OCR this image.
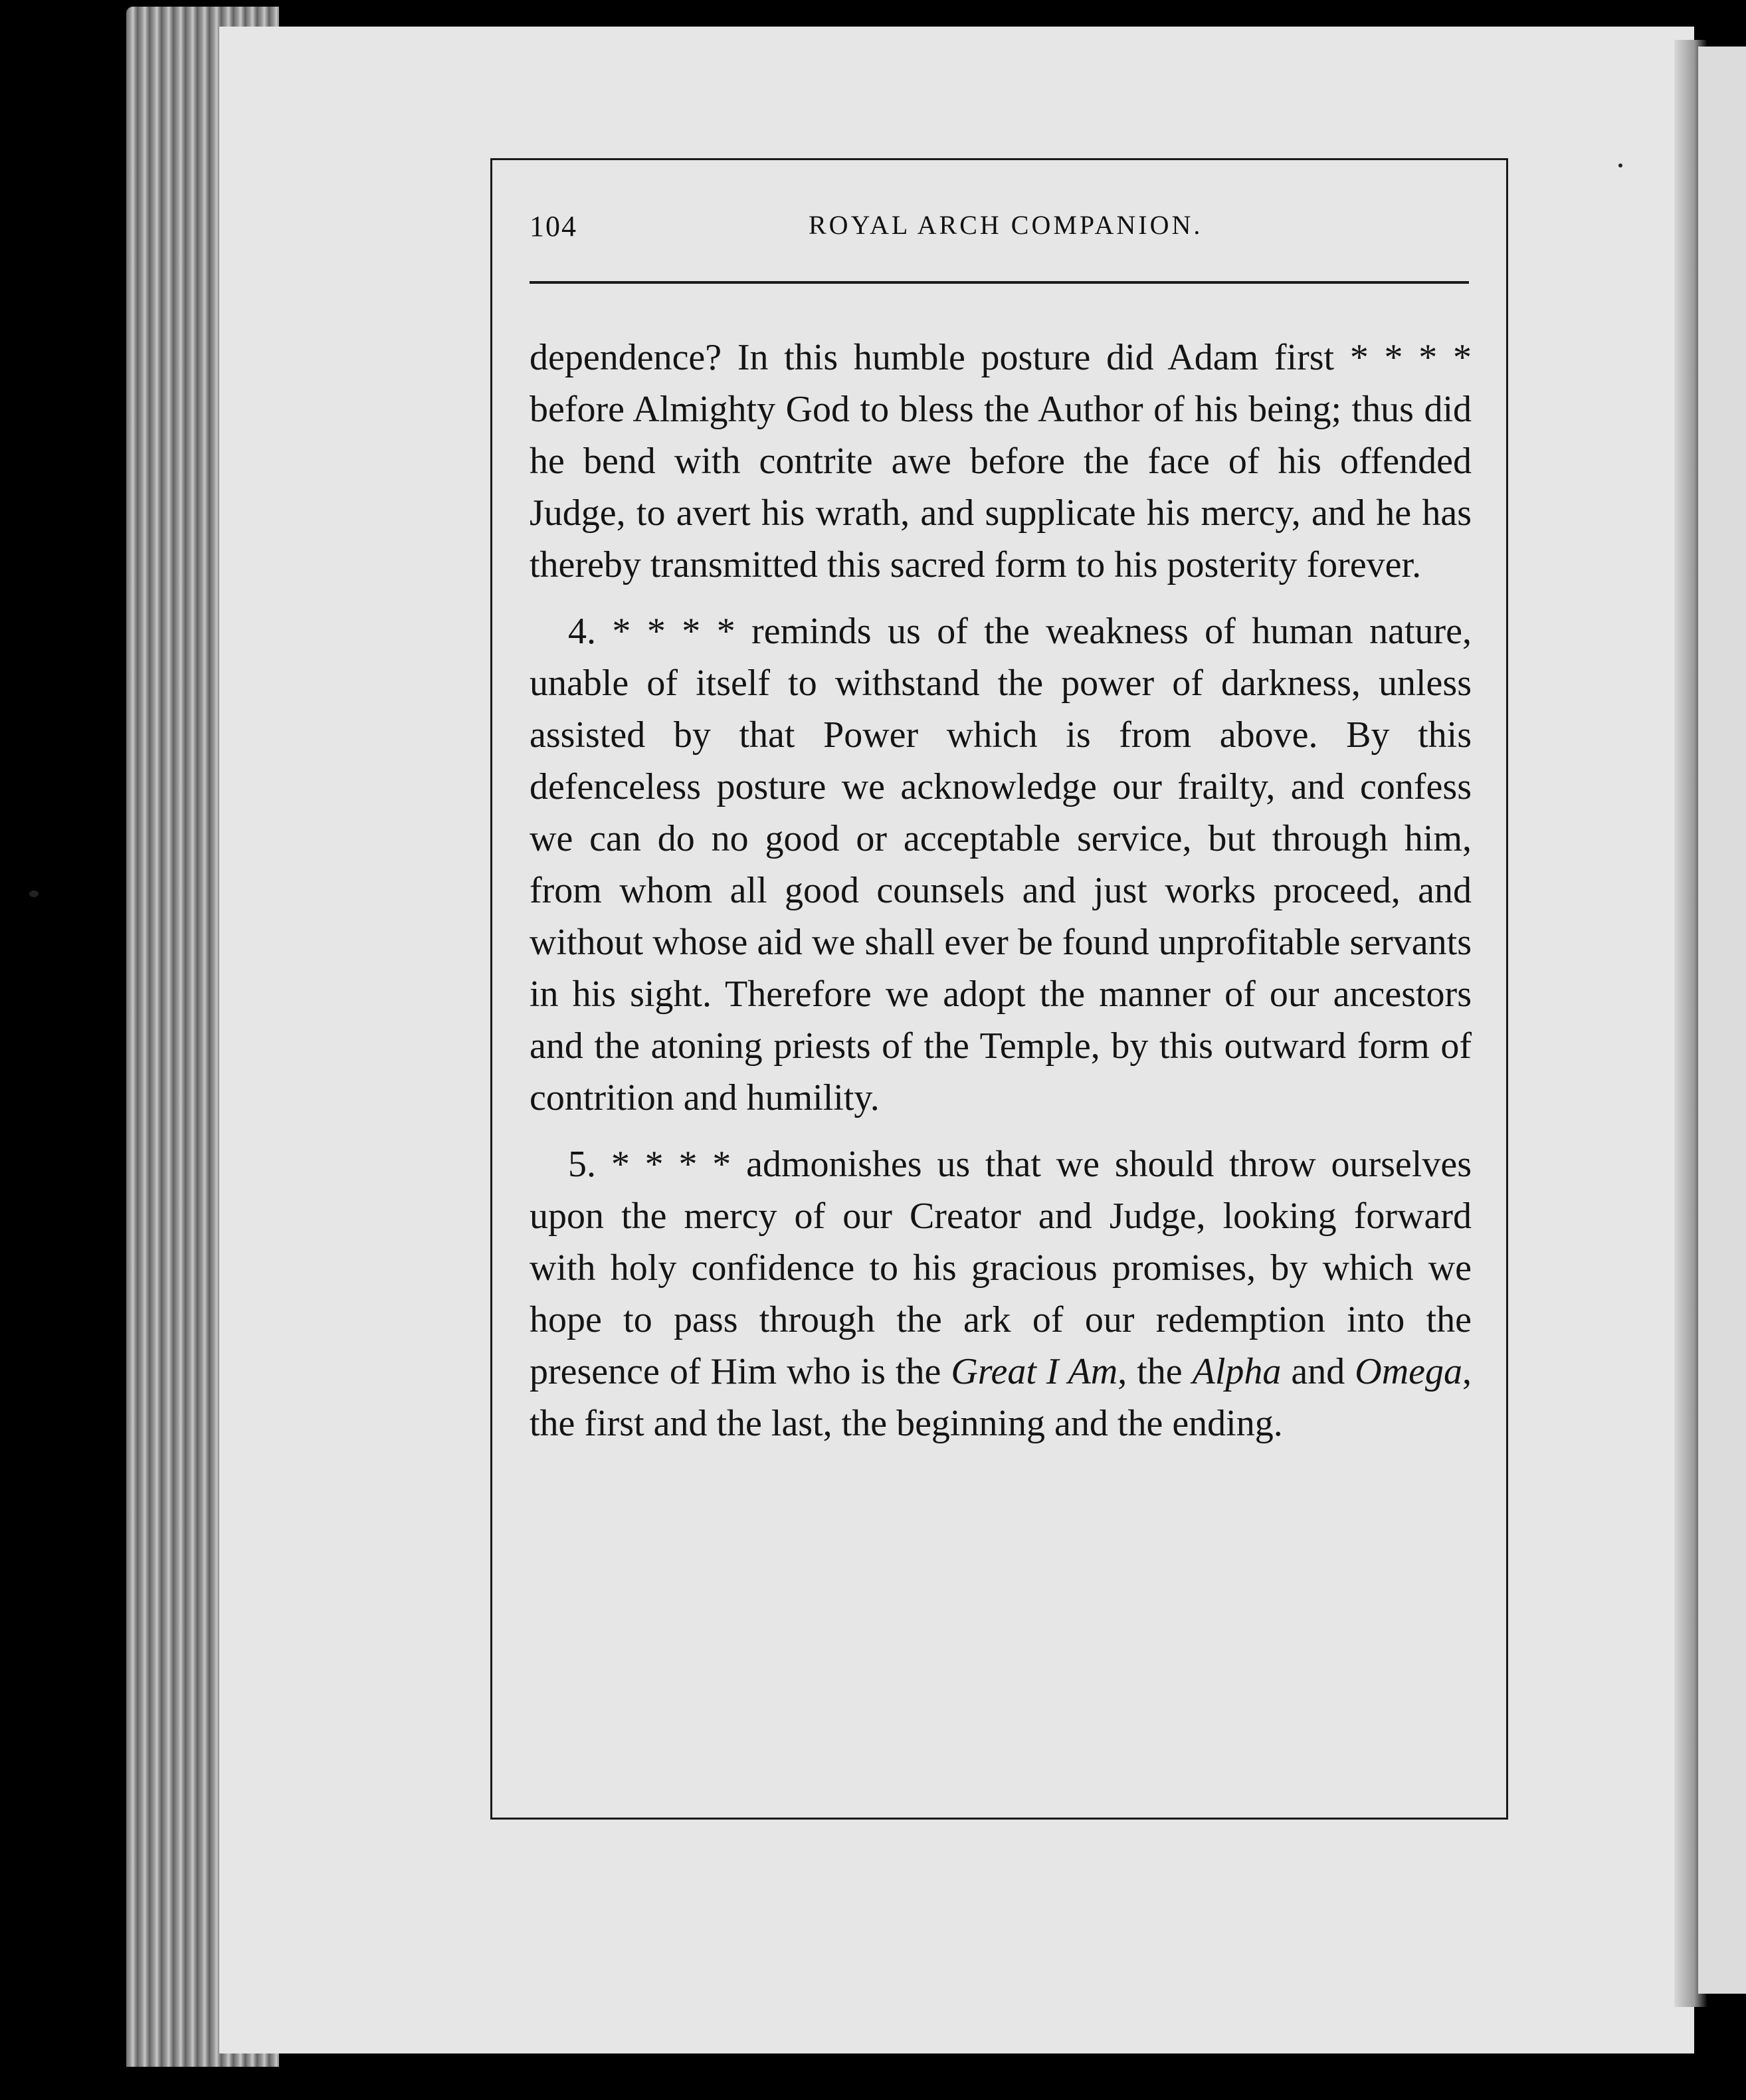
104	ROYAL ARCH COMPANION.

dependence? In this humble posture did Adam first * * * * before Almighty God to bless the Author of his being; thus did he bend with contrite awe before the face of his offended Judge, to avert his wrath, and supplicate his mercy, and he has thereby transmitted this sacred form to his posterity forever.

4. * * * * reminds us of the weakness of human nature, unable of itself to withstand the power of darkness, unless assisted by that Power which is from above. By this defenceless posture we acknowledge our frailty, and confess we can do no good or acceptable service, but through him, from whom all good counsels and just works proceed, and without whose aid we shall ever be found unprofitable servants in his sight. Therefore we adopt the manner of our ancestors and the atoning priests of the Temple, by this outward form of contrition and humility.

5. * * * * admonishes us that we should throw ourselves upon the mercy of our Creator and Judge, looking forward with holy confidence to his gracious promises, by which we hope to pass through the ark of our redemption into the presence of Him who is the Great I Am, the Alpha and Omega, the first and the last, the beginning and the ending.
